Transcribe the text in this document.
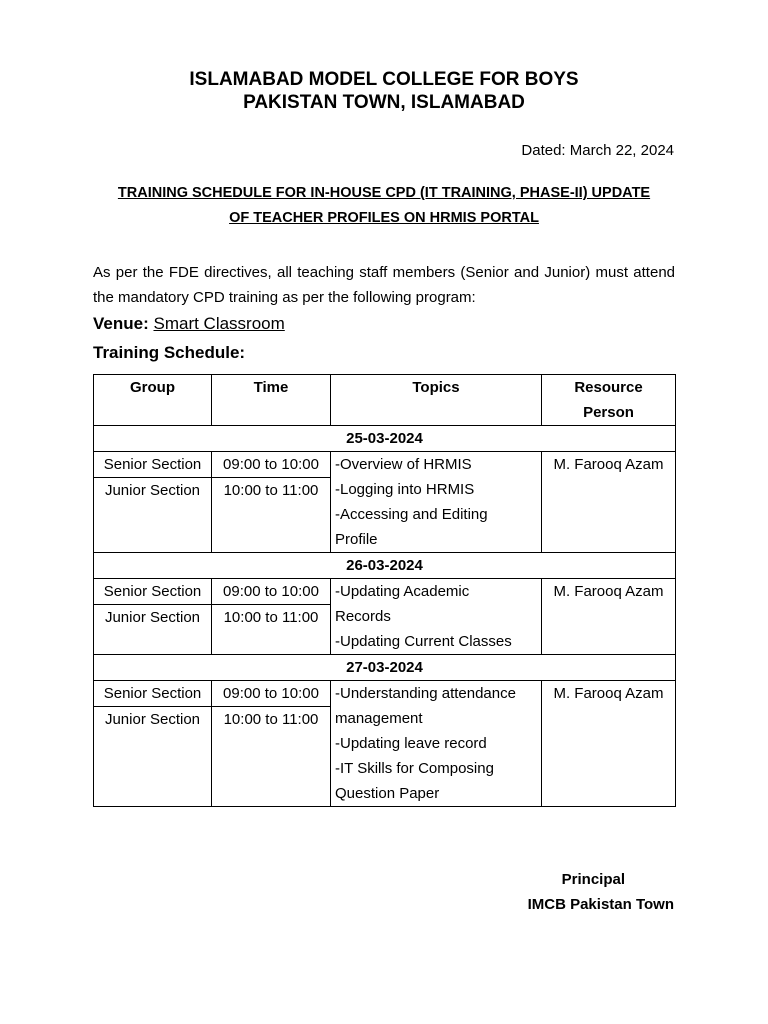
ISLAMABAD MODEL COLLEGE FOR BOYS
PAKISTAN TOWN, ISLAMABAD
Dated: March 22, 2024
TRAINING SCHEDULE FOR IN-HOUSE CPD (IT TRAINING, PHASE-II) UPDATE
OF TEACHER PROFILES ON HRMIS PORTAL
As per the FDE directives, all teaching staff members (Senior and Junior) must attend the mandatory CPD training as per the following program:
Venue: Smart Classroom
Training Schedule:
Group	Time	Topics	Resource
Person

25-03-2024			
Senior Section	09:00 to 10:00	-Overview of HRMIS
-Logging into HRMIS
-Accessing and Editing
Profile	M. Farooq Azam
Junior Section	10:00 to 11:00		
26-03-2024			
Senior Section	09:00 to 10:00	-Updating Academic
Records
-Updating Current Classes	M. Farooq Azam
Junior Section	10:00 to 11:00		
27-03-2024			
Senior Section	09:00 to 10:00	-Understanding attendance
management
-Updating leave record
-IT Skills for Composing
Question Paper	M. Farooq Azam
Junior Section	10:00 to 11:00		
Principal
IMCB Pakistan Town
